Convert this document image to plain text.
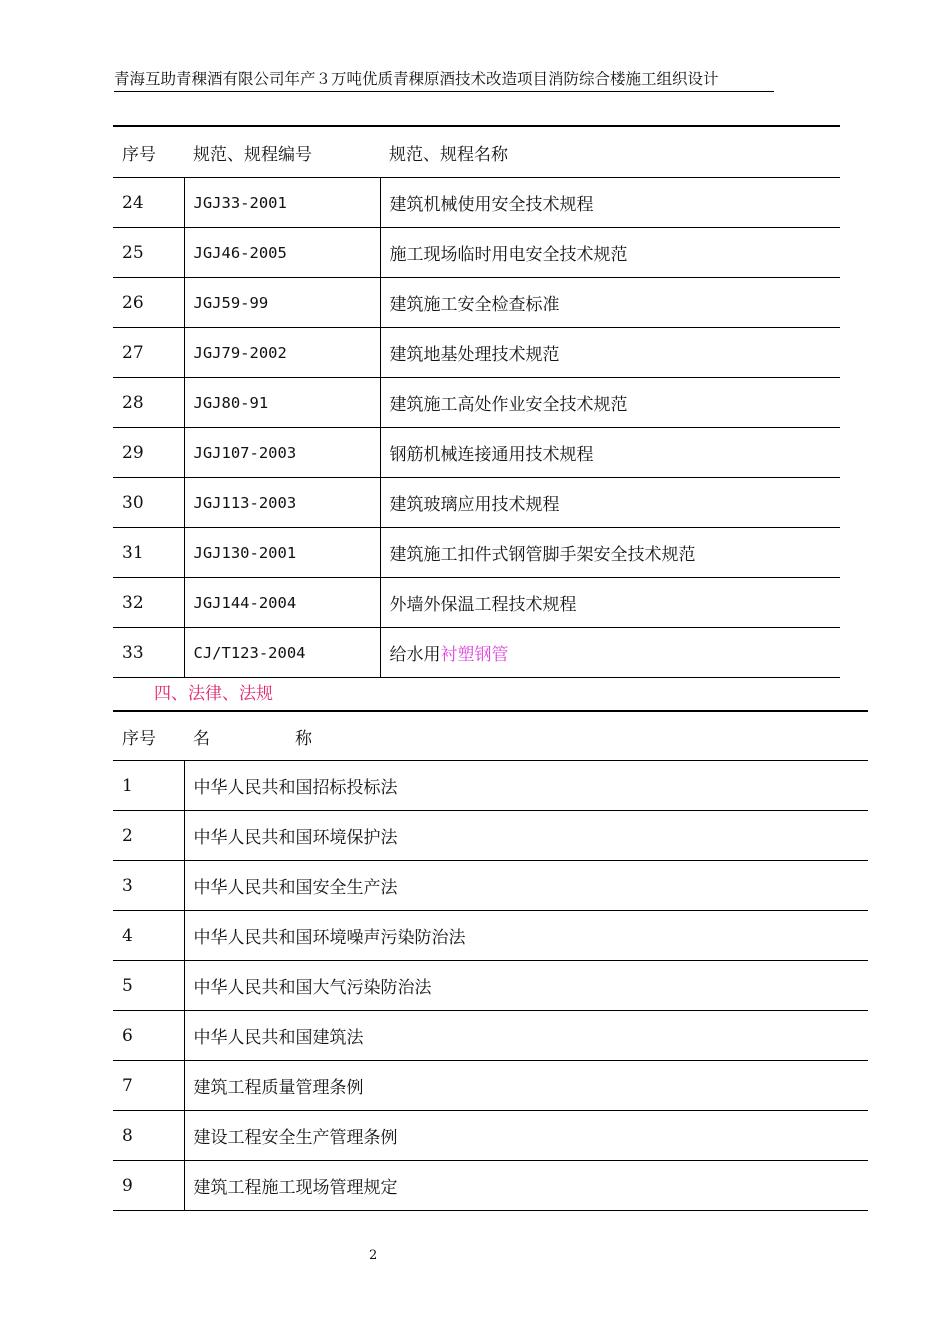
青海互助青稞酒有限公司年产３万吨优质青稞原酒技术改造项目消防综合楼施工组织设计
序号	规范、规程编号	规范、规程名称
24	JGJ33-2001	建筑机械使用安全技术规程
25	JGJ46-2005	施工现场临时用电安全技术规范
26	JGJ59-99	建筑施工安全检查标准
27	JGJ79-2002	建筑地基处理技术规范
28	JGJ80-91	建筑施工高处作业安全技术规范
29	JGJ107-2003	钢筋机械连接通用技术规程
30	JGJ113-2003	建筑玻璃应用技术规程
31	JGJ130-2001	建筑施工扣件式钢管脚手架安全技术规范
32	JGJ144-2004	外墙外保温工程技术规程
33	CJ/T123-2004	给水用衬塑钢管
四、法律、法规
序号	名　　　　　称
1	中华人民共和国招标投标法
2	中华人民共和国环境保护法
3	中华人民共和国安全生产法
4	中华人民共和国环境噪声污染防治法
5	中华人民共和国大气污染防治法
6	中华人民共和国建筑法
7	建筑工程质量管理条例
8	建设工程安全生产管理条例
9	建筑工程施工现场管理规定
2
